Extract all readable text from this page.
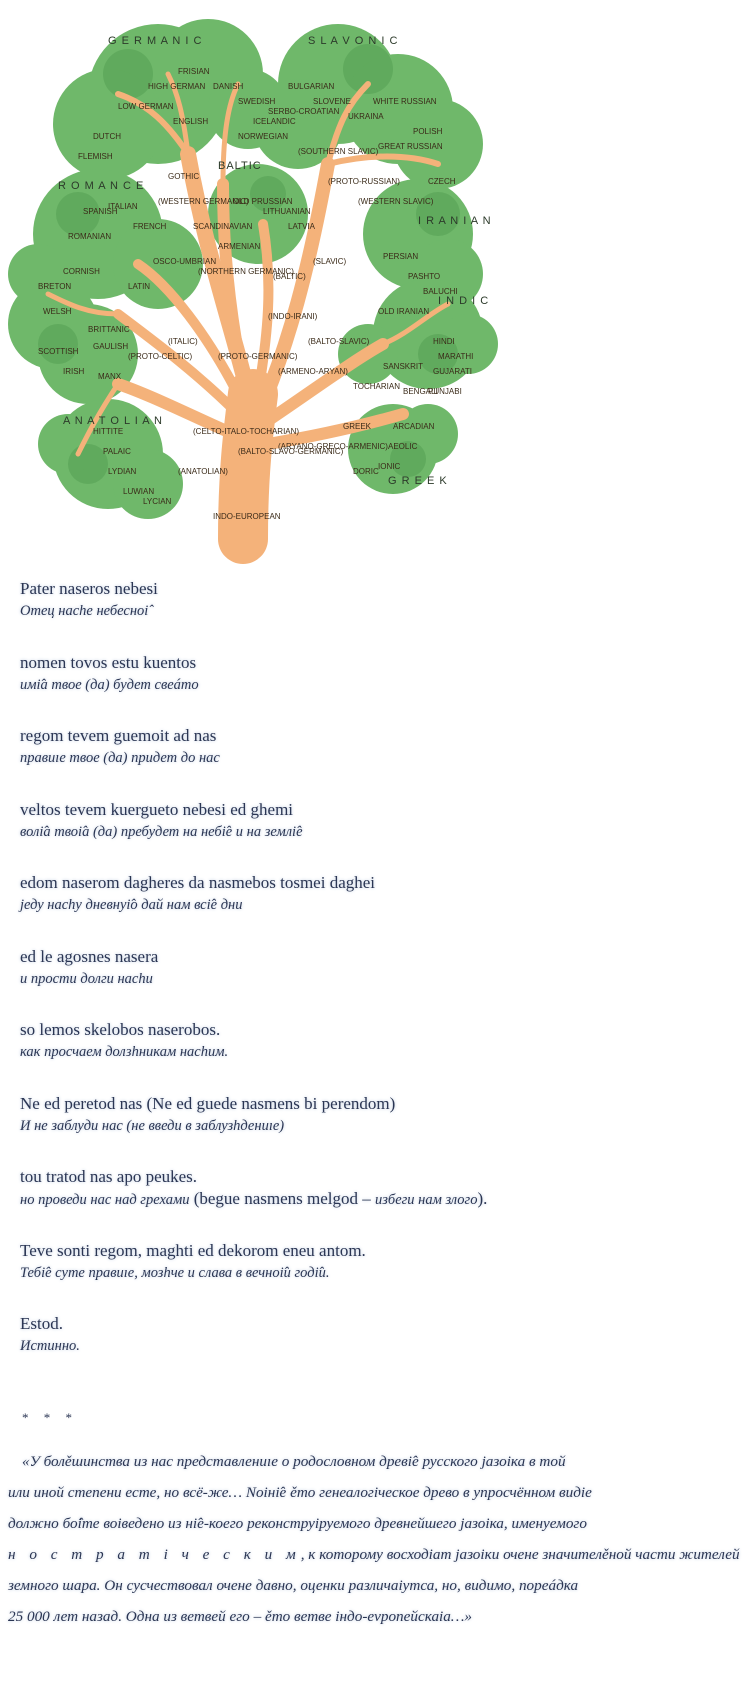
G E R M A N I C	S L A V O N I C
BALTIC
R O M A N C E
I R A N I A N
I N D I C
A N A T O L I A N
G R E E K
DUTCH
LOW GERMAN
HIGH GERMAN
FRISIAN
FLEMISH
ENGLISH
DANISH
SWEDISH
ICELANDIC
NORWEGIAN
GOTHIC
BULGARIAN
SERBO-CROATIAN
SLOVENE
UKRAINA
WHITE RUSSIAN
GREAT RUSSIAN
POLISH
CZECH
OLD PRUSSIAN
LITHUANIAN
LATVIA
SPANISH
ITALIAN
FRENCH
ROMANIAN
LATIN
OSCO-UMBRIAN
ARMENIAN
BRETON
CORNISH
WELSH
SCOTTISH
IRISH
MANX
GAULISH
BRITTANIC
PERSIAN
PASHTO
BALUCHI
OLD IRANIAN
HINDI
MARATHI
GUJARATI
SANSKRIT
PUNJABI
BENGALI
TOCHARIAN
HITTITE
PALAIC
LYDIAN
LUWIAN
LYCIAN
ARCADIAN
AEOLIC
IONIC
DORIC
GREEK
(WESTERN GERMANIC)
(NORTHERN GERMANIC)
SCANDINAVIAN
(SOUTHERN SLAVIC)
(PROTO-RUSSIAN)
(WESTERN SLAVIC)
(SLAVIC)
(BALTIC)
(PROTO-CELTIC)
(ITALIC)
(PROTO-GERMANIC)
(INDO-IRANI)
(BALTO-SLAVIC)
(ARMENO-ARYAN)
(CELTO-ITALO-TOCHARIAN)
(BALTO-SLAVO-GERMANIC)
(ARYANO-GRECO-ARMENIC)
(ANATOLIAN)
INDO-EUROPEAN
Pater naseros nebesi
Отец насhе небесноі̂
nomen tovos estu kuentos
имі̂а твое (да) будет свеáто
regom tevem guemoit ad nas
правиıе твое (да) придет до нас
veltos tevem kuergueto nebesi ed ghemi
волі̂а твоі̂а (да) пребудет на небі̂е и на землі̂е
edom naserom dagheres da nasmebos tosmei daghei
jеду насhу дневнуі̂о дай нам всі̂е дни
ed le agosnes nasera
и прости долги насhи
so lemos skelobos naserobos.
как просчаем долзhникам насhим.
Ne ed peretod nas (Ne ed guede nasmens bi perendom)
И не заблуди нас (не введи в заблузhдениıе)
tou tratod nas apo peukes.
но проведи нас над грехами (begue nasmens melgod – избеги нам злого).
Teve sonti regom, maghti ed dekorom eneu antom.
Тебі̂е суте правиıе, мозhче и слава в вечноі̂и годі̂и.
Estod.
Истинно.
* * *
«У болěшинства из нас представлениıе о родословном древі̂е русского jазоіка в той
или иной степени есте, но всё-же… Noіні̂е ěто генеалогіческое древо в упросчённом видіе
должно бо̂іте воіведено из ні̂е-коего реконструіруемого древнейшего jазоіка, именуемого
н о с т р а т і ч е с к и м, к которому восходіат jазоіки очене значителěной части жителей
земного шара. Он сусчествовал очене давно, оценки различаіутса, но, видимо, пореáдка
25 000 лет назад. Одна из ветвей его – ěто ветве індо-еvропейскаіа…»
